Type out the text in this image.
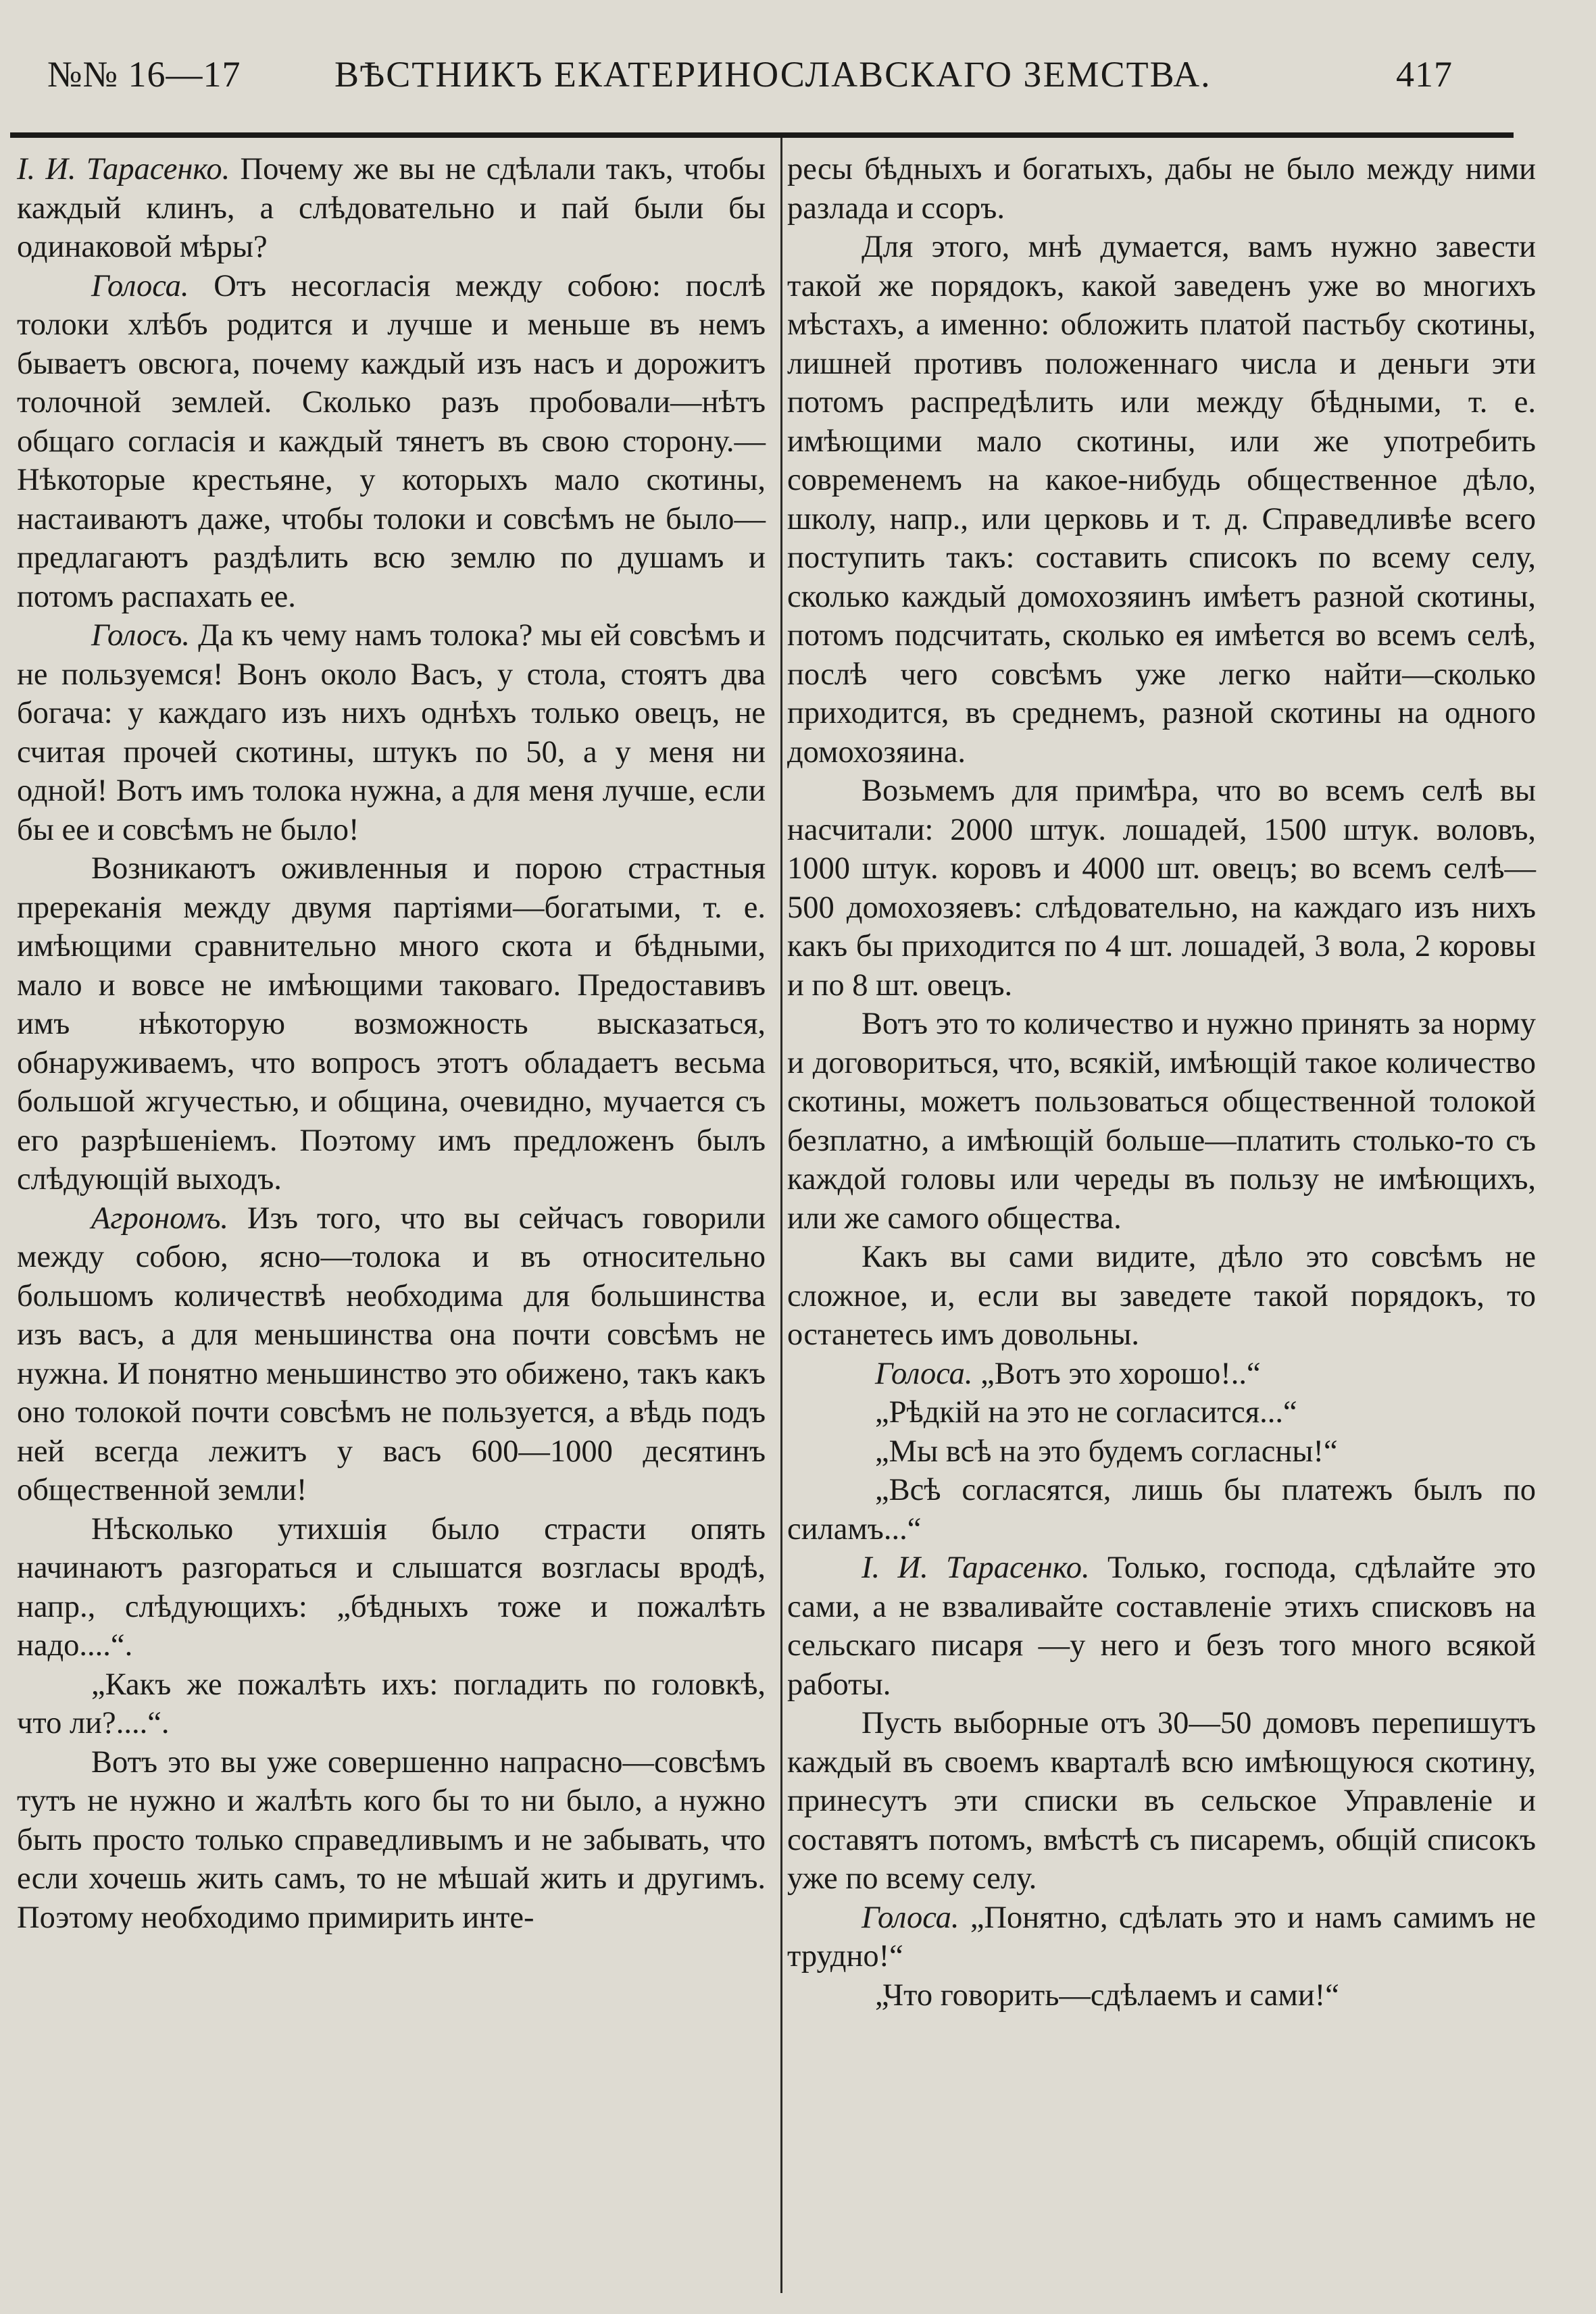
№№ 16—17	ВѢСТНИКЪ ЕКАТЕРИНОСЛАВСКАГО ЗЕМСТВА.	417

I. И. Тарасенко. Почему же вы не сдѣлали такъ, чтобы каждый клинъ, а слѣдовательно и пай были бы одинаковой мѣры?

Голоса. Отъ несогласія между собою: послѣ толоки хлѣбъ родится и лучше и меньше въ немъ бываетъ овсюга, почему каждый изъ насъ и дорожитъ толочной землей. Сколько разъ пробовали—нѣтъ общаго согласія и каждый тянетъ въ свою сторону.—Нѣкоторые крестьяне, у которыхъ мало скотины, настаиваютъ даже, чтобы толоки и совсѣмъ не было—предлагаютъ раздѣлить всю землю по душамъ и потомъ распахать ее.

Голосъ. Да къ чему намъ толока? мы ей совсѣмъ и не пользуемся! Вонъ около Васъ, у стола, стоятъ два богача: у каждаго изъ нихъ однѣхъ только овецъ, не считая прочей скотины, штукъ по 50, а у меня ни одной! Вотъ имъ толока нужна, а для меня лучше, если бы ее и совсѣмъ не было!

Возникаютъ оживленныя и порою страстныя пререканія между двумя партіями—богатыми, т. е. имѣющими сравнительно много скота и бѣдными, мало и вовсе не имѣющими таковаго. Предоставивъ имъ нѣкоторую возможность высказаться, обнаруживаемъ, что вопросъ этотъ обладаетъ весьма большой жгучестью, и община, очевидно, мучается съ его разрѣшеніемъ. Поэтому имъ предложенъ былъ слѣдующій выходъ.

Агрономъ. Изъ того, что вы сейчасъ говорили между собою, ясно—толока и въ относительно большомъ количествѣ необходима для большинства изъ васъ, а для меньшинства она почти совсѣмъ не нужна. И понятно меньшинство это обижено, такъ какъ оно толокой почти совсѣмъ не пользуется, а вѣдь подъ ней всегда лежитъ у васъ 600—1000 десятинъ общественной земли!

Нѣсколько утихшія было страсти опять начинаютъ разгораться и слышатся возгласы вродѣ, напр., слѣдующихъ: „бѣдныхъ тоже и пожалѣть надо....“.

„Какъ же пожалѣть ихъ: погладить по головкѣ, что ли?....“.

Вотъ это вы уже совершенно напрасно—совсѣмъ тутъ не нужно и жалѣть кого бы то ни было, а нужно быть просто только справедливымъ и не забывать, что если хочешь жить самъ, то не мѣшай жить и другимъ. Поэтому необходимо примирить инте-

ресы бѣдныхъ и богатыхъ, дабы не было между ними разлада и ссоръ.

Для этого, мнѣ думается, вамъ нужно завести такой же порядокъ, какой заведенъ уже во многихъ мѣстахъ, а именно: обложить платой пастьбу скотины, лишней противъ положеннаго числа и деньги эти потомъ распредѣлить или между бѣдными, т. е. имѣющими мало скотины, или же употребить современемъ на какое-нибудь общественное дѣло, школу, напр., или церковь и т. д. Справедливѣе всего поступить такъ: составить списокъ по всему селу, сколько каждый домохозяинъ имѣетъ разной скотины, потомъ подсчитать, сколько ея имѣется во всемъ селѣ, послѣ чего совсѣмъ уже легко найти—сколько приходится, въ среднемъ, разной скотины на одного домохозяина.

Возьмемъ для примѣра, что во всемъ селѣ вы насчитали: 2000 штук. лошадей, 1500 штук. воловъ, 1000 штук. коровъ и 4000 шт. овецъ; во всемъ селѣ—500 домохозяевъ: слѣдовательно, на каждаго изъ нихъ какъ бы приходится по 4 шт. лошадей, 3 вола, 2 коровы и по 8 шт. овецъ.

Вотъ это то количество и нужно принять за норму и договориться, что, всякій, имѣющій такое количество скотины, можетъ пользоваться общественной толокой безплатно, а имѣющій больше—платить столько-то съ каждой головы или череды въ пользу не имѣющихъ, или же самого общества.

Какъ вы сами видите, дѣло это совсѣмъ не сложное, и, если вы заведете такой порядокъ, то останетесь имъ довольны.

Голоса. „Вотъ это хорошо!..“

„Рѣдкій на это не согласится...“

„Мы всѣ на это будемъ согласны!“

„Всѣ согласятся, лишь бы платежъ былъ по силамъ...“

I. И. Тарасенко. Только, господа, сдѣлайте это сами, а не взваливайте составленіе этихъ списковъ на сельскаго писаря —у него и безъ того много всякой работы.

Пусть выборные отъ 30—50 домовъ перепишутъ каждый въ своемъ кварталѣ всю имѣющуюся скотину, принесутъ эти списки въ сельское Управленіе и составятъ потомъ, вмѣстѣ съ писаремъ, общій списокъ уже по всему селу.

Голоса. „Понятно, сдѣлать это и намъ самимъ не трудно!“

„Что говорить—сдѣлаемъ и сами!“
